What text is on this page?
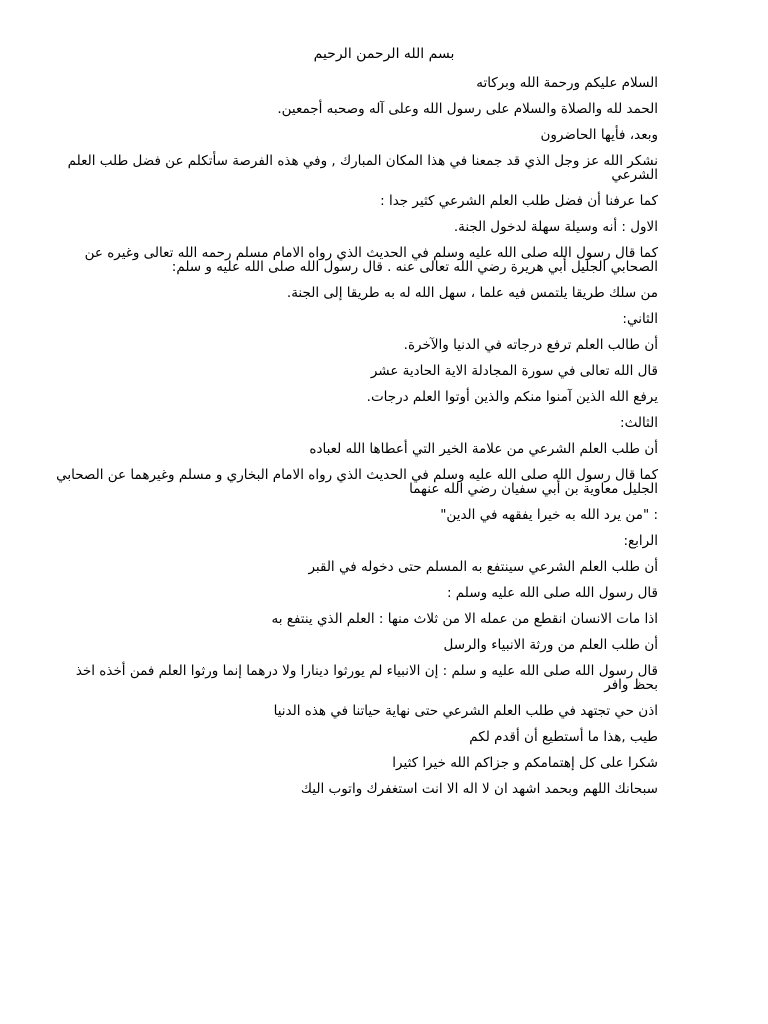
بسم الله الرحمن الرحيم

السلام عليكم ورحمة الله وبركاته

الحمد لله والصلاة والسلام على رسول الله وعلى آله وصحبه أجمعين.

وبعد، فأيها الحاضرون

نشكر الله عز وجل الذي قد جمعنا في هذا المكان المبارك , وفي هذه الفرصة سأتكلم عن فضل طلب العلم الشرعي

كما عرفنا أن فضل طلب العلم الشرعي كثير جدا :

الاول : أنه وسيلة سهلة لدخول الجنة.

كما قال رسول الله صلى الله عليه وسلم في الحديث الذي رواه الامام مسلم رحمه الله تعالى وغيره عن الصحابي الجليل أبي هريرة رضي الله تعالى عنه . قال رسول الله صلى الله عليه و سلم:

من سلك طريقا يلتمس فيه علما ، سهل الله له به طريقا إلى الجنة.

الثاني:

أن طالب العلم ترفع درجاته في الدنيا والآخرة.

قال الله تعالى في سورة المجادلة الاية الحادية عشر

يرفع الله الذين آمنوا منكم والذين أوتوا العلم درجات.

الثالث:

أن طلب العلم الشرعي من علامة الخير التي أعطاها الله لعباده

كما قال رسول الله صلى الله عليه وسلم في الحديث الذي رواه الامام البخاري و مسلم وغيرهما عن الصحابي الجليل معاوية بن أبي سفيان رضي الله عنهما

: "من يرد الله به خيرا يفقهه في الدين"

الرابع:

أن طلب العلم الشرعي سينتفع به المسلم حتى دخوله في القبر

قال رسول الله صلى الله عليه وسلم :

اذا مات الانسان انقطع من عمله الا من ثلاث منها : العلم الذي ينتفع به

أن طلب العلم من ورثة الانبياء والرسل

قال رسول الله صلى الله عليه و سلم : إن الانبياء لم يورثوا دينارا ولا درهما إنما ورثوا العلم فمن أخذه اخذ بحظ وافر

اذن حي تجتهد في طلب العلم الشرعي حتى نهاية حياتنا في هذه الدنيا

طيب ,هذا ما أستطيع أن أقدم لكم

شكرا على كل إهتمامكم و جزاكم الله خيرا كثيرا

سبحانك اللهم وبحمد اشهد ان لا اله الا انت استغفرك واتوب اليك
